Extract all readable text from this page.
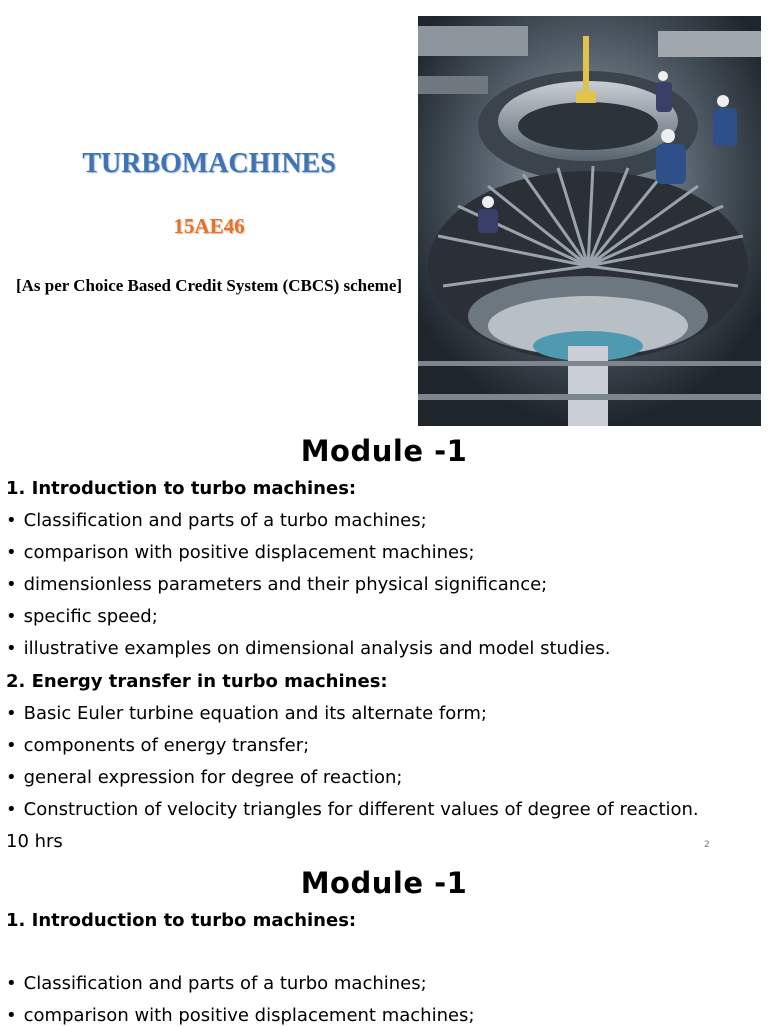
TURBOMACHINES
15AE46
[As per Choice Based Credit System (CBCS) scheme]
Module -1
1. Introduction to turbo machines:
• Classification and parts of a turbo machines;
• comparison with positive displacement machines;
• dimensionless parameters and their physical significance;
• specific speed;
• illustrative examples on dimensional analysis and model studies.
2. Energy transfer in turbo machines:
• Basic Euler turbine equation and its alternate form;
• components of energy transfer;
• general expression for degree of reaction;
• Construction of velocity triangles for different values of degree of reaction.
10 hrs	2
Module -1
1. Introduction to turbo machines:
• Classification and parts of a turbo machines;
• comparison with positive displacement machines;
